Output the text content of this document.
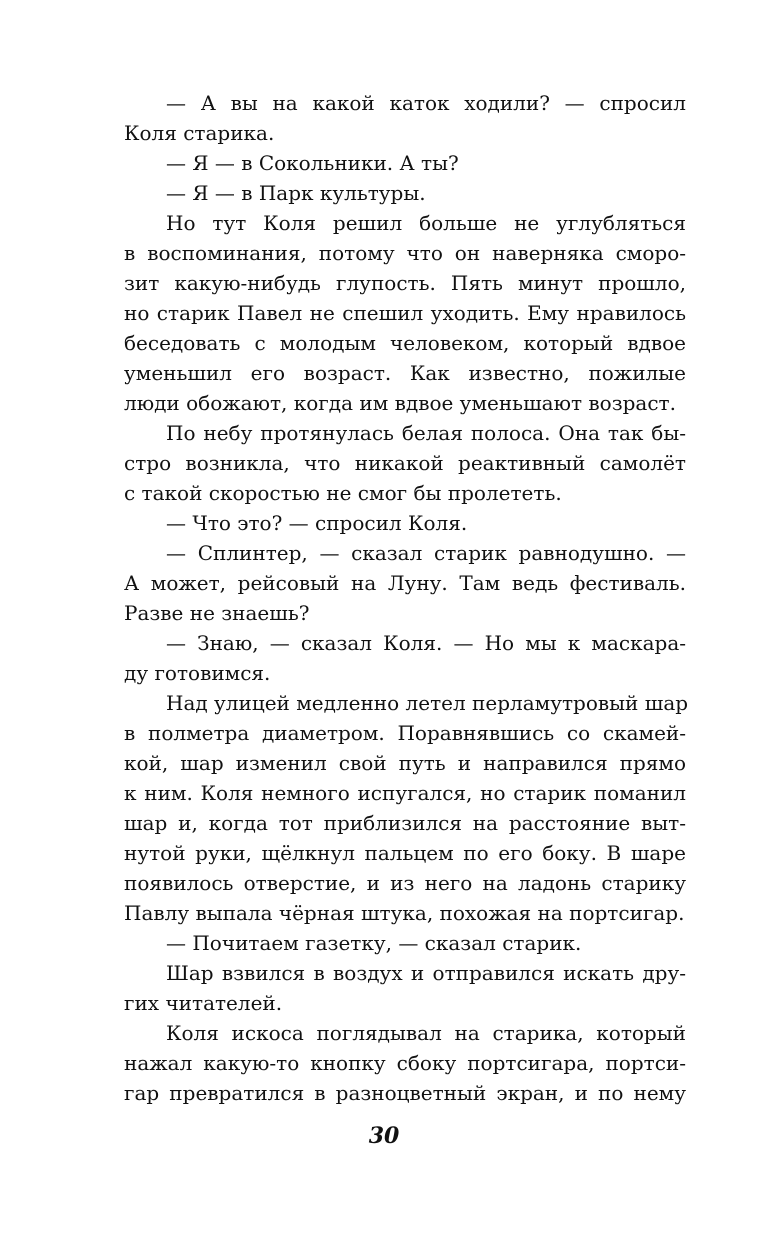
— А вы на какой каток ходили? — спросил
Коля старика.
— Я — в Сокольники. А ты?
— Я — в Парк культуры.
Но тут Коля решил больше не углубляться
в воспоминания, потому что он наверняка сморо-
зит какую-нибудь глупость. Пять минут прошло,
но старик Павел не спешил уходить. Ему нравилось
беседовать с молодым человеком, который вдвое
уменьшил его возраст. Как известно, пожилые
люди обожают, когда им вдвое уменьшают возраст.
По небу протянулась белая полоса. Она так бы-
стро возникла, что никакой реактивный самолёт
с такой скоростью не смог бы пролететь.
— Что это? — спросил Коля.
— Сплинтер, — сказал старик равнодушно. —
А может, рейсовый на Луну. Там ведь фестиваль.
Разве не знаешь?
— Знаю, — сказал Коля. — Но мы к маскара-
ду готовимся.
Над улицей медленно летел перламутровый шар
в полметра диаметром. Поравнявшись со скамей-
кой, шар изменил свой путь и направился прямо
к ним. Коля немного испугался, но старик поманил
шар и, когда тот приблизился на расстояние выт-
нутой руки, щёлкнул пальцем по его боку. В шаре
появилось отверстие, и из него на ладонь старику
Павлу выпала чёрная штука, похожая на портсигар.
— Почитаем газетку, — сказал старик.
Шар взвился в воздух и отправился искать дру-
гих читателей.
Коля искоса поглядывал на старика, который
нажал какую-то кнопку сбоку портсигара, портси-
гар превратился в разноцветный экран, и по нему
30
